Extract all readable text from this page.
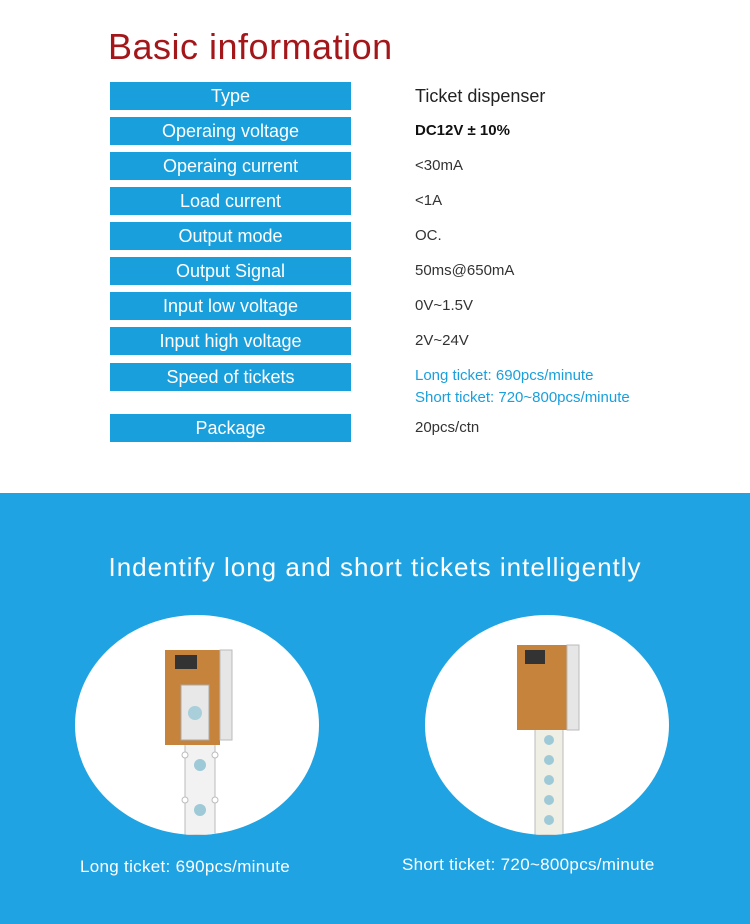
Basic information
Type	Ticket dispenser
Operaing voltage	DC12V ± 10%
Operaing current	<30mA
Load current	<1A
Output mode	OC.
Output Signal	50ms@650mA
Input low voltage	0V~1.5V
Input high voltage	2V~24V
Speed of tickets	Long ticket: 690pcs/minute
Short ticket: 720~800pcs/minute
Package	20pcs/ctn
Indentify long and short tickets intelligently
Long ticket: 690pcs/minute	Short ticket: 720~800pcs/minute
